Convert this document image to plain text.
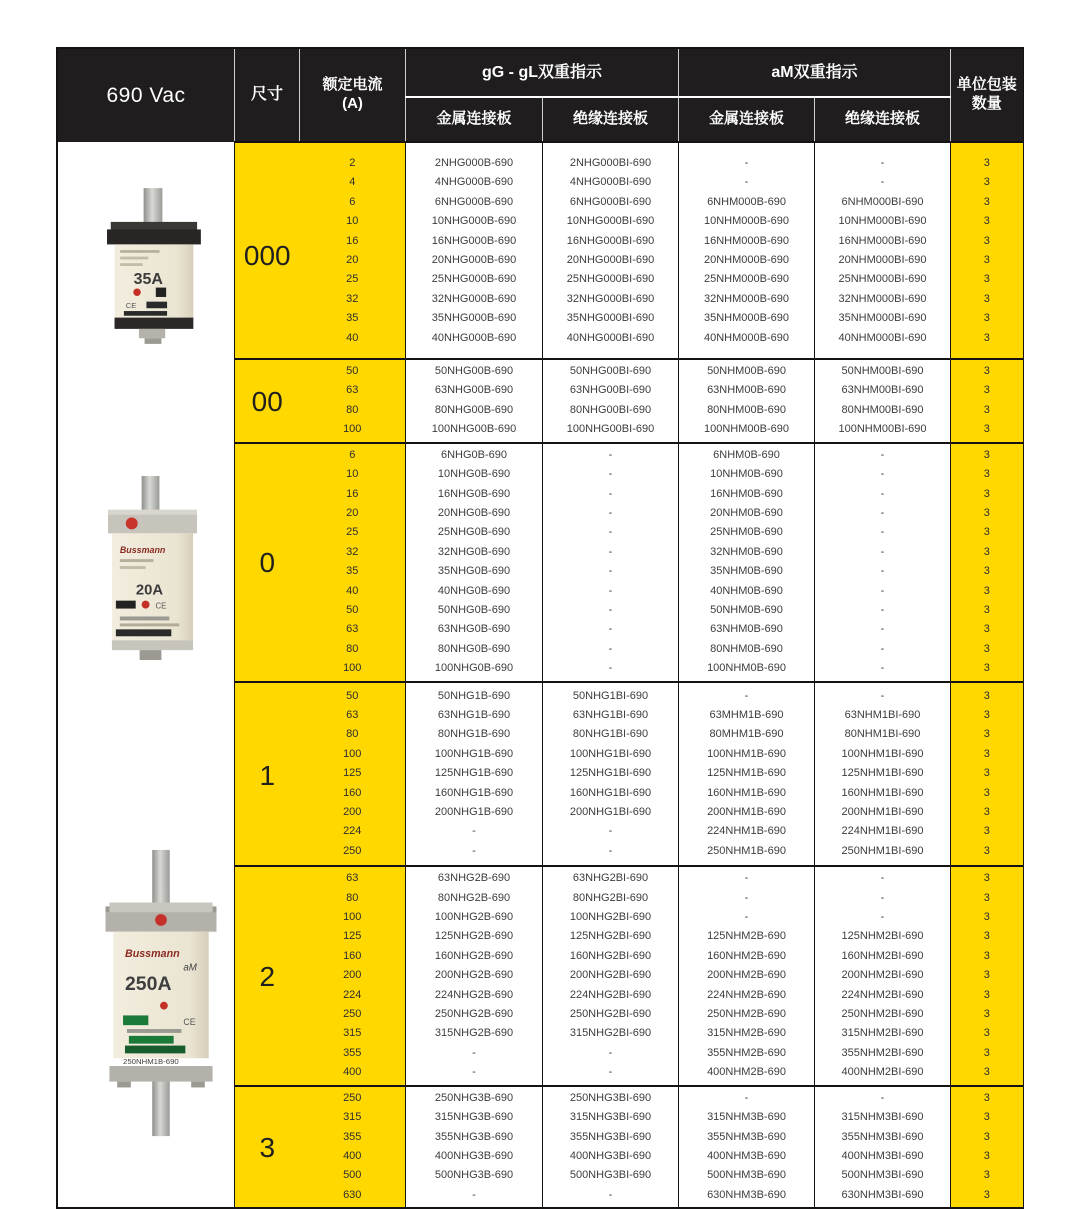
690 Vac
35A
CE
Bussmann
20A
CE
Bussmann
aM
250A
CE
250NHM1B-690
尺寸	
额定电流
(A)
	gG - gL双重指示	aM双重指示	
单位包装
数量

		金属连接板	绝缘连接板	金属连接板	绝缘连接板	
000	2	2NHG000B-690	2NHG000BI-690	-	-	3
	4	4NHG000B-690	4NHG000BI-690	-	-	3
	6	6NHG000B-690	6NHG000BI-690	6NHM000B-690	6NHM000BI-690	3
	10	10NHG000B-690	10NHG000BI-690	10NHM000B-690	10NHM000BI-690	3
	16	16NHG000B-690	16NHG000BI-690	16NHM000B-690	16NHM000BI-690	3
	20	20NHG000B-690	20NHG000BI-690	20NHM000B-690	20NHM000BI-690	3
	25	25NHG000B-690	25NHG000BI-690	25NHM000B-690	25NHM000BI-690	3
	32	32NHG000B-690	32NHG000BI-690	32NHM000B-690	32NHM000BI-690	3
	35	35NHG000B-690	35NHG000BI-690	35NHM000B-690	35NHM000BI-690	3
	40	40NHG000B-690	40NHG000BI-690	40NHM000B-690	40NHM000BI-690	3
00	50	50NHG00B-690	50NHG00BI-690	50NHM00B-690	50NHM00BI-690	3
	63	63NHG00B-690	63NHG00BI-690	63NHM00B-690	63NHM00BI-690	3
	80	80NHG00B-690	80NHG00BI-690	80NHM00B-690	80NHM00BI-690	3
	100	100NHG00B-690	100NHG00BI-690	100NHM00B-690	100NHM00BI-690	3
0	6	6NHG0B-690	-	6NHM0B-690	-	3
	10	10NHG0B-690	-	10NHM0B-690	-	3
	16	16NHG0B-690	-	16NHM0B-690	-	3
	20	20NHG0B-690	-	20NHM0B-690	-	3
	25	25NHG0B-690	-	25NHM0B-690	-	3
	32	32NHG0B-690	-	32NHM0B-690	-	3
	35	35NHG0B-690	-	35NHM0B-690	-	3
	40	40NHG0B-690	-	40NHM0B-690	-	3
	50	50NHG0B-690	-	50NHM0B-690	-	3
	63	63NHG0B-690	-	63NHM0B-690	-	3
	80	80NHG0B-690	-	80NHM0B-690	-	3
	100	100NHG0B-690	-	100NHM0B-690	-	3
1	50	50NHG1B-690	50NHG1BI-690	-	-	3
	63	63NHG1B-690	63NHG1BI-690	63MHM1B-690	63NHM1BI-690	3
	80	80NHG1B-690	80NHG1BI-690	80MHM1B-690	80NHM1BI-690	3
	100	100NHG1B-690	100NHG1BI-690	100NHM1B-690	100NHM1BI-690	3
	125	125NHG1B-690	125NHG1BI-690	125NHM1B-690	125NHM1BI-690	3
	160	160NHG1B-690	160NHG1BI-690	160NHM1B-690	160NHM1BI-690	3
	200	200NHG1B-690	200NHG1BI-690	200NHM1B-690	200NHM1BI-690	3
	224	-	-	224NHM1B-690	224NHM1BI-690	3
	250	-	-	250NHM1B-690	250NHM1BI-690	3
2	63	63NHG2B-690	63NHG2BI-690	-	-	3
	80	80NHG2B-690	80NHG2BI-690	-	-	3
	100	100NHG2B-690	100NHG2BI-690	-	-	3
	125	125NHG2B-690	125NHG2BI-690	125NHM2B-690	125NHM2BI-690	3
	160	160NHG2B-690	160NHG2BI-690	160NHM2B-690	160NHM2BI-690	3
	200	200NHG2B-690	200NHG2BI-690	200NHM2B-690	200NHM2BI-690	3
	224	224NHG2B-690	224NHG2BI-690	224NHM2B-690	224NHM2BI-690	3
	250	250NHG2B-690	250NHG2BI-690	250NHM2B-690	250NHM2BI-690	3
	315	315NHG2B-690	315NHG2BI-690	315NHM2B-690	315NHM2BI-690	3
	355	-	-	355NHM2B-690	355NHM2BI-690	3
	400	-	-	400NHM2B-690	400NHM2BI-690	3
3	250	250NHG3B-690	250NHG3BI-690	-	-	3
	315	315NHG3B-690	315NHG3BI-690	315NHM3B-690	315NHM3BI-690	3
	355	355NHG3B-690	355NHG3BI-690	355NHM3B-690	355NHM3BI-690	3
	400	400NHG3B-690	400NHG3BI-690	400NHM3B-690	400NHM3BI-690	3
	500	500NHG3B-690	500NHG3BI-690	500NHM3B-690	500NHM3BI-690	3
	630	-	-	630NHM3B-690	630NHM3BI-690	3
